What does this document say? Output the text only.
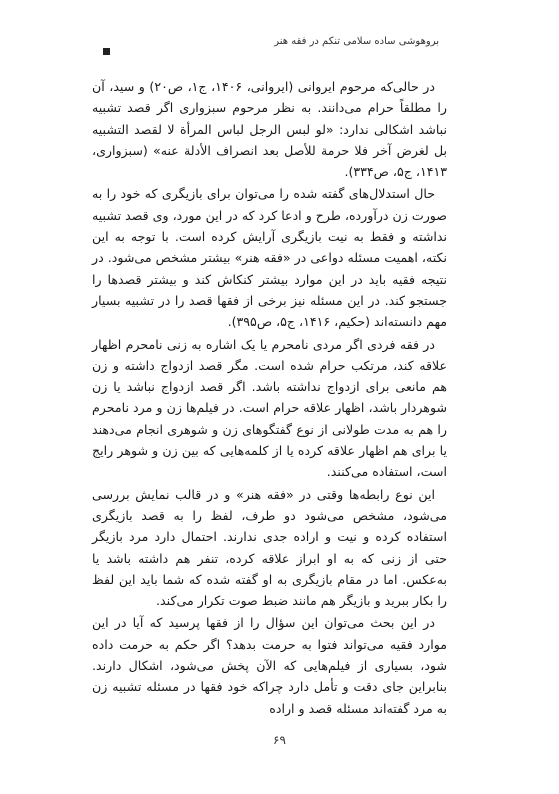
بروهوشی ساده سلامی تنکم در فقه هنر

در حالی‌که مرحوم ایروانی (ایروانی، ۱۴۰۶، ج۱، ص۲۰) و سید، آن را مطلقاً حرام می‌دانند. به نظر مرحوم سبزواری اگر قصد تشبیه نباشد اشکالی ندارد: «لو لبس الرجل لباس المرأة لا لقصد التشبیه بل لغرض آخر فلا حرمة للأصل بعد انصراف الأدلة عنه» (سبزواری، ۱۴۱۳، ج۵، ص۳۳۴).

حال استدلال‌های گفته شده را می‌توان برای بازیگری که خود را به صورت زن درآورده، طرح و ادعا کرد که در این مورد، وی قصد تشبیه نداشته و فقط به نیت بازیگری آرایش کرده است. با توجه به این نکته، اهمیت مسئله دواعی در «فقه هنر» بیشتر مشخص می‌شود. در نتیجه فقیه باید در این موارد بیشتر کنکاش کند و بیشتر قصدها را جستجو کند. در این مسئله نیز برخی از فقها قصد را در تشبیه بسیار مهم دانسته‌اند (حکیم، ۱۴۱۶، ج۵، ص۳۹۵).

در فقه فردی اگر مردی نامحرم یا یک اشاره به زنی نامحرم اظهار علاقه کند، مرتکب حرام شده است. مگر قصد ازدواج داشته و زن هم مانعی برای ازدواج نداشته باشد. اگر قصد ازدواج نباشد یا زن شوهردار باشد، اظهار علاقه حرام است. در فیلم‌ها زن و مرد نامحرم را هم به مدت طولانی از نوع گفتگوهای زن و شوهری انجام می‌دهند یا برای هم اظهار علاقه کرده یا از کلمه‌هایی که بین زن و شوهر رایج است، استفاده می‌کنند.

این نوع رابطه‌ها وقتی در «فقه هنر» و در قالب نمایش بررسی می‌شود، مشخص می‌شود دو طرف، لفظ را به قصد بازیگری استفاده کرده و نیت و اراده جدی ندارند. احتمال دارد مرد بازیگر حتی از زنی که به او ابراز علاقه کرده، تنفر هم داشته باشد یا به‌عکس. اما در مقام بازیگری به او گفته شده که شما باید این لفظ را بکار ببرید و بازیگر هم مانند ضبط صوت تکرار می‌کند.

در این بحث می‌توان این سؤال را از فقها پرسید که آیا در این موارد فقیه می‌تواند فتوا به حرمت بدهد؟ اگر حکم به حرمت داده شود، بسیاری از فیلم‌هایی که الآن پخش می‌شود، اشکال دارند. بنابراین جای دقت و تأمل دارد چراکه خود فقها در مسئله تشبیه زن به مرد گفته‌اند مسئله قصد و اراده

۶۹
